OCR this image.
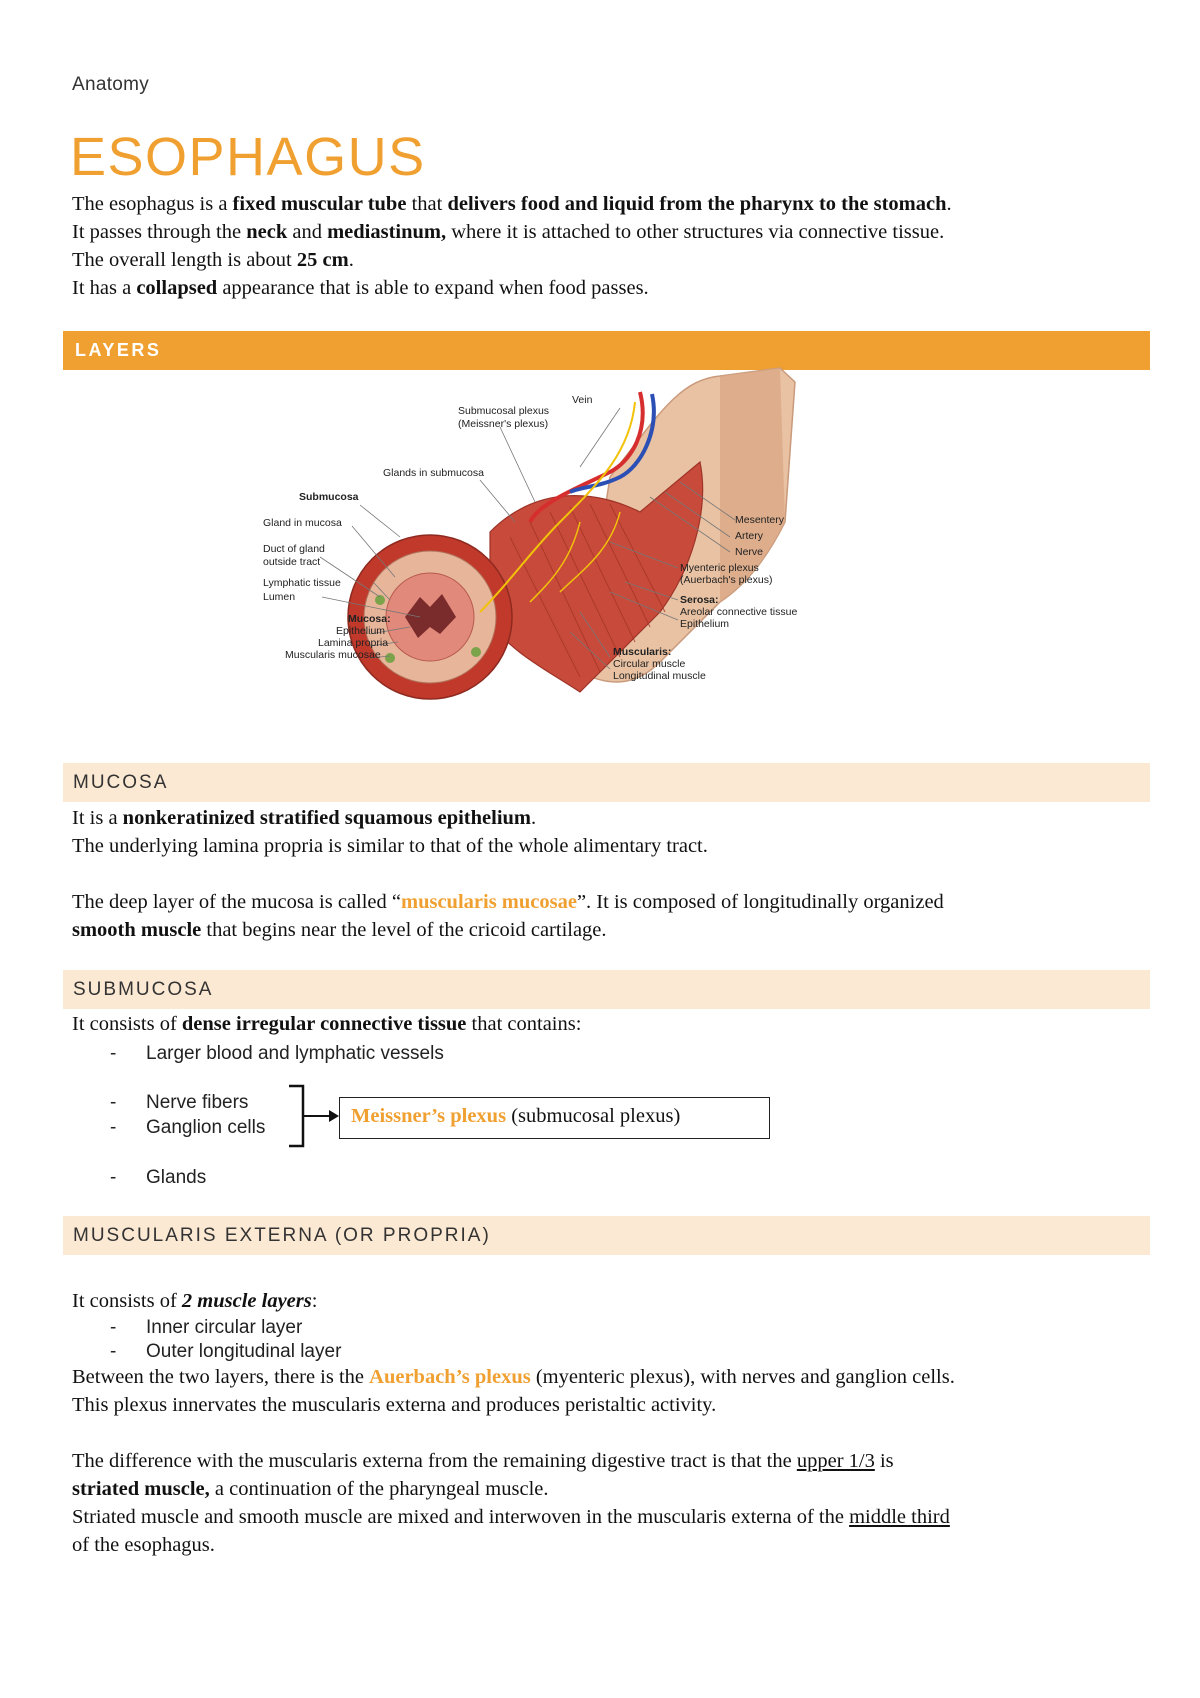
Anatomy
ESOPHAGUS
The esophagus is a fixed muscular tube that delivers food and liquid from the pharynx to the stomach.
It passes through the neck and mediastinum, where it is attached to other structures via connective tissue.
The overall length is about 25 cm.
It has a collapsed appearance that is able to expand when food passes.
LAYERS
Vein
Submucosal plexus
(Meissner's plexus)
Glands in submucosa
Submucosa
Gland in mucosa
Duct of gland
outside tract
Lymphatic tissue
Lumen
Mucosa:
Epithelium
Lamina propria
Muscularis mucosae
Mesentery
Artery
Nerve
Myenteric plexus
(Auerbach's plexus)
Serosa:
Areolar connective tissue
Epithelium
Muscularis:
Circular muscle
Longitudinal muscle
MUCOSA
It is a nonkeratinized stratified squamous epithelium.
The underlying lamina propria is similar to that of the whole alimentary tract.
The deep layer of the mucosa is called “muscularis mucosae”. It is composed of longitudinally organized
smooth muscle that begins near the level of the cricoid cartilage.
SUBMUCOSA
It consists of dense irregular connective tissue that contains:
- Larger blood and lymphatic vessels
- Nerve fibers
- Ganglion cells
- Glands
Meissner’s plexus (submucosal plexus)
MUSCULARIS EXTERNA (OR PROPRIA)
It consists of 2 muscle layers:
- Inner circular layer
- Outer longitudinal layer
Between the two layers, there is the Auerbach’s plexus (myenteric plexus), with nerves and ganglion cells.
This plexus innervates the muscularis externa and produces peristaltic activity.
The difference with the muscularis externa from the remaining digestive tract is that the upper 1/3 is
striated muscle, a continuation of the pharyngeal muscle.
Striated muscle and smooth muscle are mixed and interwoven in the muscularis externa of the middle third
of the esophagus.
